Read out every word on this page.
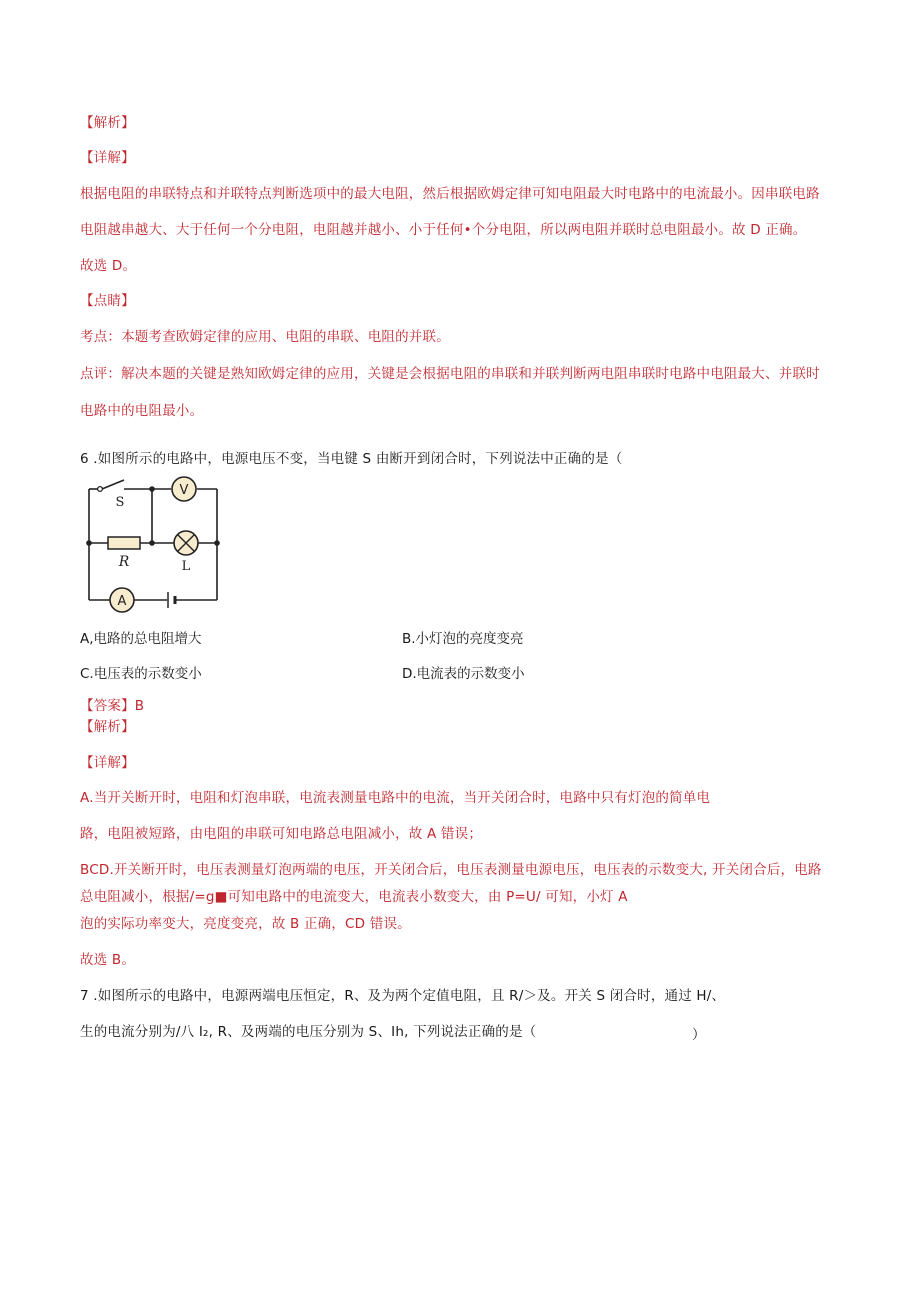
【解析】
【详解】
根据电阻的串联特点和并联特点判断选项中的最大电阻，然后根据欧姆定律可知电阻最大时电路中的电流最小。因串联电路
电阻越串越大、大于任何一个分电阻，电阻越并越小、小于任何•个分电阻，所以两电阻并联时总电阻最小。故 D 正确。
故选 D。
【点睛】
考点：本题考查欧姆定律的应用、电阻的串联、电阻的并联。
点评：解决本题的关键是熟知欧姆定律的应用，关键是会根据电阻的串联和并联判断两电阻串联时电路中电阻最大、并联时
电路中的电阻最小。
6 .如图所示的电路中，电源电压不变，当电键 S 由断开到闭合时，下列说法中正确的是（
V
S
R	L
A
A,电路的总电阻增大	B.小灯泡的亮度变亮
C.电压表的示数变小	D.电流表的示数变小
【答案】B
【解析】
【详解】
A.当开关断开时，电阻和灯泡串联，电流表测量电路中的电流，当开关闭合时，电路中只有灯泡的简单电
路，电阻被短路，由电阻的串联可知电路总电阻减小，故 A 错误；
BCD.开关断开时，电压表测量灯泡两端的电压，开关闭合后，电压表测量电源电压，电压表的示数变大, 开关闭合后，电路
总电阻减小，根据/=g■可知电路中的电流变大，电流表小数变大，由 P=U/ 可知，小灯 A
泡的实际功率变大，亮度变亮，故 B 正确，CD 错误。
故选 B。
7 .如图所示的电路中，电源两端电压恒定，R、及为两个定值电阻，且 R/＞及。开关 S 闭合时，通过 H/、
生的电流分别为/八 I₂, R、及两端的电压分别为 S、Ih, 下列说法正确的是（	）
